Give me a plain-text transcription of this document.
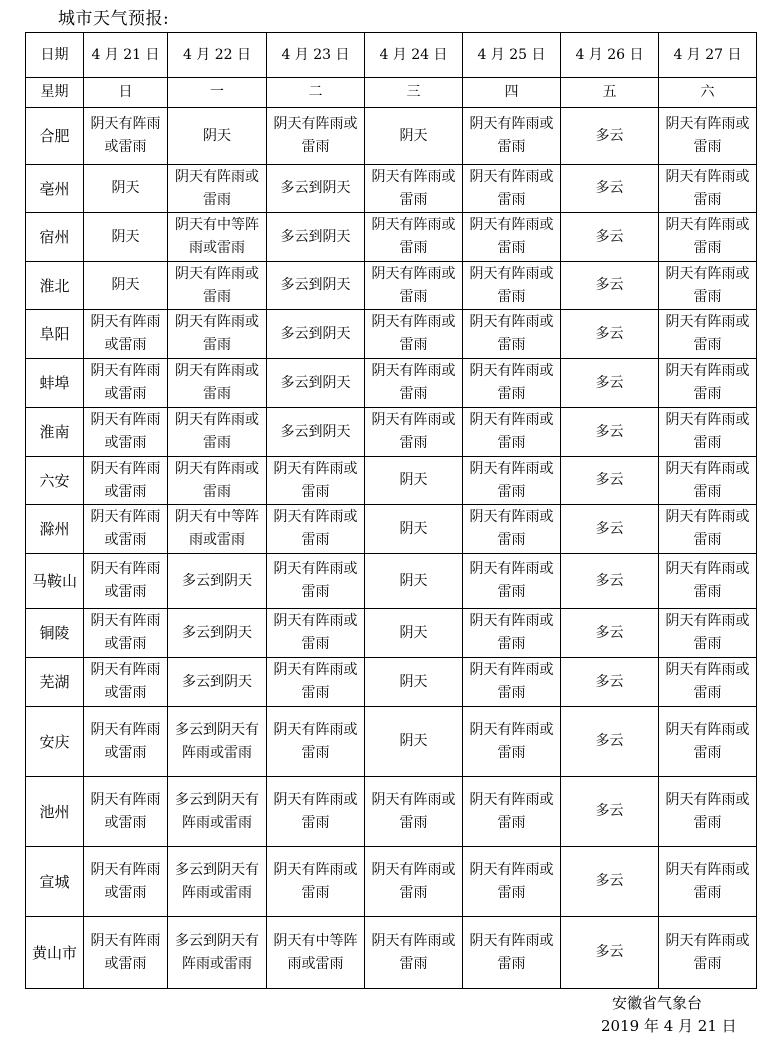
城市天气预报:
日期	4 月 21 日	4 月 22 日	4 月 23 日	4 月 24 日	4 月 25 日	4 月 26 日	4 月 27 日
星期	日	一	二	三	四	五	六
合肥	阴天有阵雨或雷雨	阴天	阴天有阵雨或雷雨	阴天	阴天有阵雨或雷雨	多云	阴天有阵雨或雷雨
亳州	阴天	阴天有阵雨或雷雨	多云到阴天	阴天有阵雨或雷雨	阴天有阵雨或雷雨	多云	阴天有阵雨或雷雨
宿州	阴天	阴天有中等阵雨或雷雨	多云到阴天	阴天有阵雨或雷雨	阴天有阵雨或雷雨	多云	阴天有阵雨或雷雨
淮北	阴天	阴天有阵雨或雷雨	多云到阴天	阴天有阵雨或雷雨	阴天有阵雨或雷雨	多云	阴天有阵雨或雷雨
阜阳	阴天有阵雨或雷雨	阴天有阵雨或雷雨	多云到阴天	阴天有阵雨或雷雨	阴天有阵雨或雷雨	多云	阴天有阵雨或雷雨
蚌埠	阴天有阵雨或雷雨	阴天有阵雨或雷雨	多云到阴天	阴天有阵雨或雷雨	阴天有阵雨或雷雨	多云	阴天有阵雨或雷雨
淮南	阴天有阵雨或雷雨	阴天有阵雨或雷雨	多云到阴天	阴天有阵雨或雷雨	阴天有阵雨或雷雨	多云	阴天有阵雨或雷雨
六安	阴天有阵雨或雷雨	阴天有阵雨或雷雨	阴天有阵雨或雷雨	阴天	阴天有阵雨或雷雨	多云	阴天有阵雨或雷雨
滁州	阴天有阵雨或雷雨	阴天有中等阵雨或雷雨	阴天有阵雨或雷雨	阴天	阴天有阵雨或雷雨	多云	阴天有阵雨或雷雨
马鞍山	阴天有阵雨或雷雨	多云到阴天	阴天有阵雨或雷雨	阴天	阴天有阵雨或雷雨	多云	阴天有阵雨或雷雨
铜陵	阴天有阵雨或雷雨	多云到阴天	阴天有阵雨或雷雨	阴天	阴天有阵雨或雷雨	多云	阴天有阵雨或雷雨
芜湖	阴天有阵雨或雷雨	多云到阴天	阴天有阵雨或雷雨	阴天	阴天有阵雨或雷雨	多云	阴天有阵雨或雷雨
安庆	阴天有阵雨或雷雨	多云到阴天有阵雨或雷雨	阴天有阵雨或雷雨	阴天	阴天有阵雨或雷雨	多云	阴天有阵雨或雷雨
池州	阴天有阵雨或雷雨	多云到阴天有阵雨或雷雨	阴天有阵雨或雷雨	阴天有阵雨或雷雨	阴天有阵雨或雷雨	多云	阴天有阵雨或雷雨
宣城	阴天有阵雨或雷雨	多云到阴天有阵雨或雷雨	阴天有阵雨或雷雨	阴天有阵雨或雷雨	阴天有阵雨或雷雨	多云	阴天有阵雨或雷雨
黄山市	阴天有阵雨或雷雨	多云到阴天有阵雨或雷雨	阴天有中等阵雨或雷雨	阴天有阵雨或雷雨	阴天有阵雨或雷雨	多云	阴天有阵雨或雷雨
安徽省气象台
2019 年 4 月 21 日
